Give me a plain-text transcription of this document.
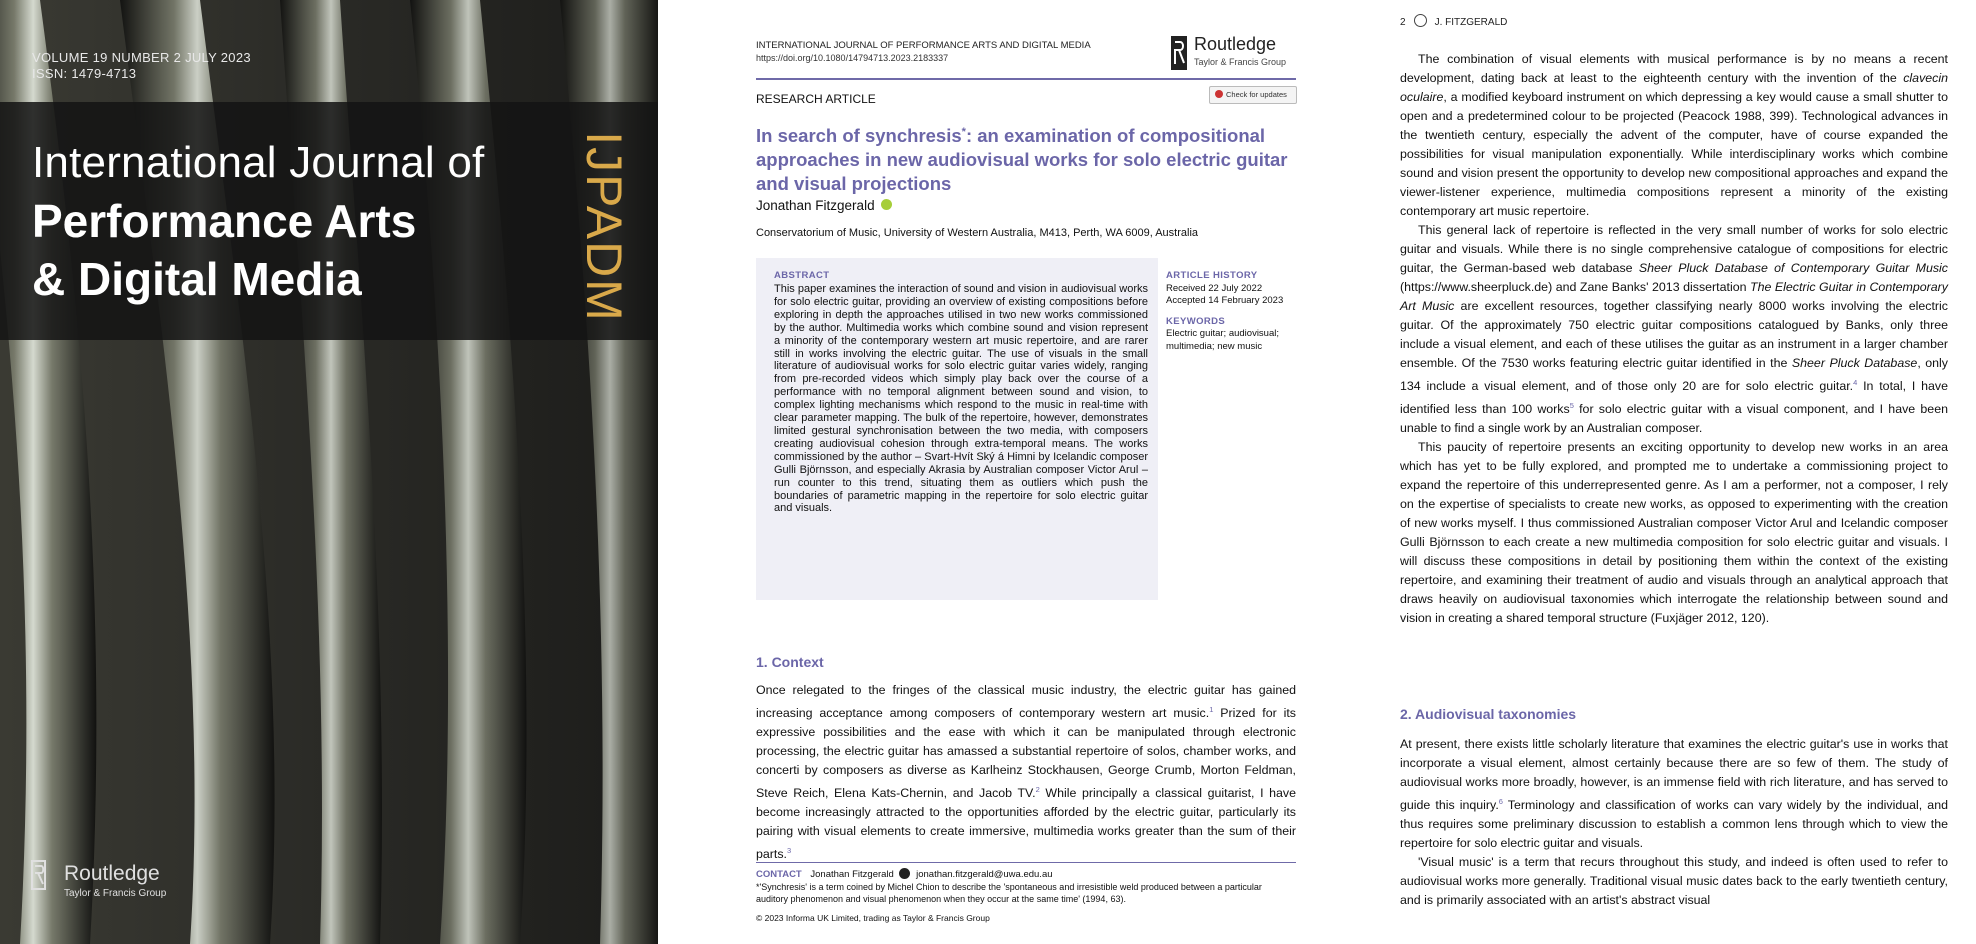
VOLUME 19 NUMBER 2 JULY 2023
ISSN: 1479-4713
International Journal of
Performance Arts
& Digital Media	IJPADM
Routledge
Taylor & Francis Group
INTERNATIONAL JOURNAL OF PERFORMANCE ARTS AND DIGITAL MEDIA
https://doi.org/10.1080/14794713.2023.2183337
Routledge
Taylor & Francis Group
RESEARCH ARTICLE	Check for updates
In search of synchresis*: an examination of compositional approaches in new audiovisual works for solo electric guitar and visual projections
Jonathan Fitzgerald
Conservatorium of Music, University of Western Australia, M413, Perth, WA 6009, Australia
ABSTRACT
This paper examines the interaction of sound and vision in audiovisual works for solo electric guitar, providing an overview of existing compositions before exploring in depth the approaches utilised in two new works commissioned by the author. Multimedia works which combine sound and vision represent a minority of the contemporary western art music repertoire, and are rarer still in works involving the electric guitar. The use of visuals in the small literature of audiovisual works for solo electric guitar varies widely, ranging from pre-recorded videos which simply play back over the course of a performance with no temporal alignment between sound and vision, to complex lighting mechanisms which respond to the music in real-time with clear parameter mapping. The bulk of the repertoire, however, demonstrates limited gestural synchronisation between the two media, with composers creating audiovisual cohesion through extra-temporal means. The works commissioned by the author – Svart-Hvít Ský á Himni by Icelandic composer Gulli Björnsson, and especially Akrasia by Australian composer Victor Arul – run counter to this trend, situating them as outliers which push the boundaries of parametric mapping in the repertoire for solo electric guitar and visuals.
ARTICLE HISTORY
Received 22 July 2022
Accepted 14 February 2023
KEYWORDS
Electric guitar; audiovisual; multimedia; new music
1. Context
Once relegated to the fringes of the classical music industry, the electric guitar has gained increasing acceptance among composers of contemporary western art music.$^1$ Prized for its expressive possibilities and the ease with which it can be manipulated through electronic processing, the electric guitar has amassed a substantial repertoire of solos, chamber works, and concerti by composers as diverse as Karlheinz Stockhausen, George Crumb, Morton Feldman, Steve Reich, Elena Kats-Chernin, and Jacob TV.$^2$ While principally a classical guitarist, I have become increasingly attracted to the opportunities afforded by the electric guitar, particularly its pairing with visual elements to create immersive, multimedia works greater than the sum of their parts.$^3$
CONTACT Jonathan Fitzgerald jonathan.fitzgerald@uwa.edu.au
*'Synchresis' is a term coined by Michel Chion to describe the 'spontaneous and irresistible weld produced between a particular auditory phenomenon and visual phenomenon when they occur at the same time' (1994, 63).
© 2023 Informa UK Limited, trading as Taylor & Francis Group
2	J. FITZGERALD

The combination of visual elements with musical performance is by no means a recent development, dating back at least to the eighteenth century with the invention of the clavecin oculaire, a modified keyboard instrument on which depressing a key would cause a small shutter to open and a predetermined colour to be projected (Peacock 1988, 399). Technological advances in the twentieth century, especially the advent of the computer, have of course expanded the possibilities for visual manipulation exponentially. While interdisciplinary works which combine sound and vision present the opportunity to develop new compositional approaches and expand the viewer-listener experience, multimedia compositions represent a minority of the existing contemporary art music repertoire.

This general lack of repertoire is reflected in the very small number of works for solo electric guitar and visuals. While there is no single comprehensive catalogue of compositions for electric guitar, the German-based web database Sheer Pluck Database of Contemporary Guitar Music (https://www.sheerpluck.de) and Zane Banks' 2013 dissertation The Electric Guitar in Contemporary Art Music are excellent resources, together classifying nearly 8000 works involving the electric guitar. Of the approximately 750 electric guitar compositions catalogued by Banks, only three include a visual element, and each of these utilises the guitar as an instrument in a larger chamber ensemble. Of the 7530 works featuring electric guitar identified in the Sheer Pluck Database, only 134 include a visual element, and of those only 20 are for solo electric guitar.$^4$ In total, I have identified less than 100 works$^5$ for solo electric guitar with a visual component, and I have been unable to find a single work by an Australian composer.

This paucity of repertoire presents an exciting opportunity to develop new works in an area which has yet to be fully explored, and prompted me to undertake a commissioning project to expand the repertoire of this underrepresented genre. As I am a performer, not a composer, I rely on the expertise of specialists to create new works, as opposed to experimenting with the creation of new works myself. I thus commissioned Australian composer Victor Arul and Icelandic composer Gulli Björnsson to each create a new multimedia composition for solo electric guitar and visuals. I will discuss these compositions in detail by positioning them within the context of the existing repertoire, and examining their treatment of audio and visuals through an analytical approach that draws heavily on audiovisual taxonomies which interrogate the relationship between sound and vision in creating a shared temporal structure (Fuxjäger 2012, 120).

2. Audiovisual taxonomies

At present, there exists little scholarly literature that examines the electric guitar's use in works that incorporate a visual element, almost certainly because there are so few of them. The study of audiovisual works more broadly, however, is an immense field with rich literature, and has served to guide this inquiry.$^6$ Terminology and classification of works can vary widely by the individual, and thus requires some preliminary discussion to establish a common lens through which to view the repertoire for solo electric guitar and visuals.

'Visual music' is a term that recurs throughout this study, and indeed is often used to refer to audiovisual works more generally. Traditional visual music dates back to the early twentieth century, and is primarily associated with an artist's abstract visual
